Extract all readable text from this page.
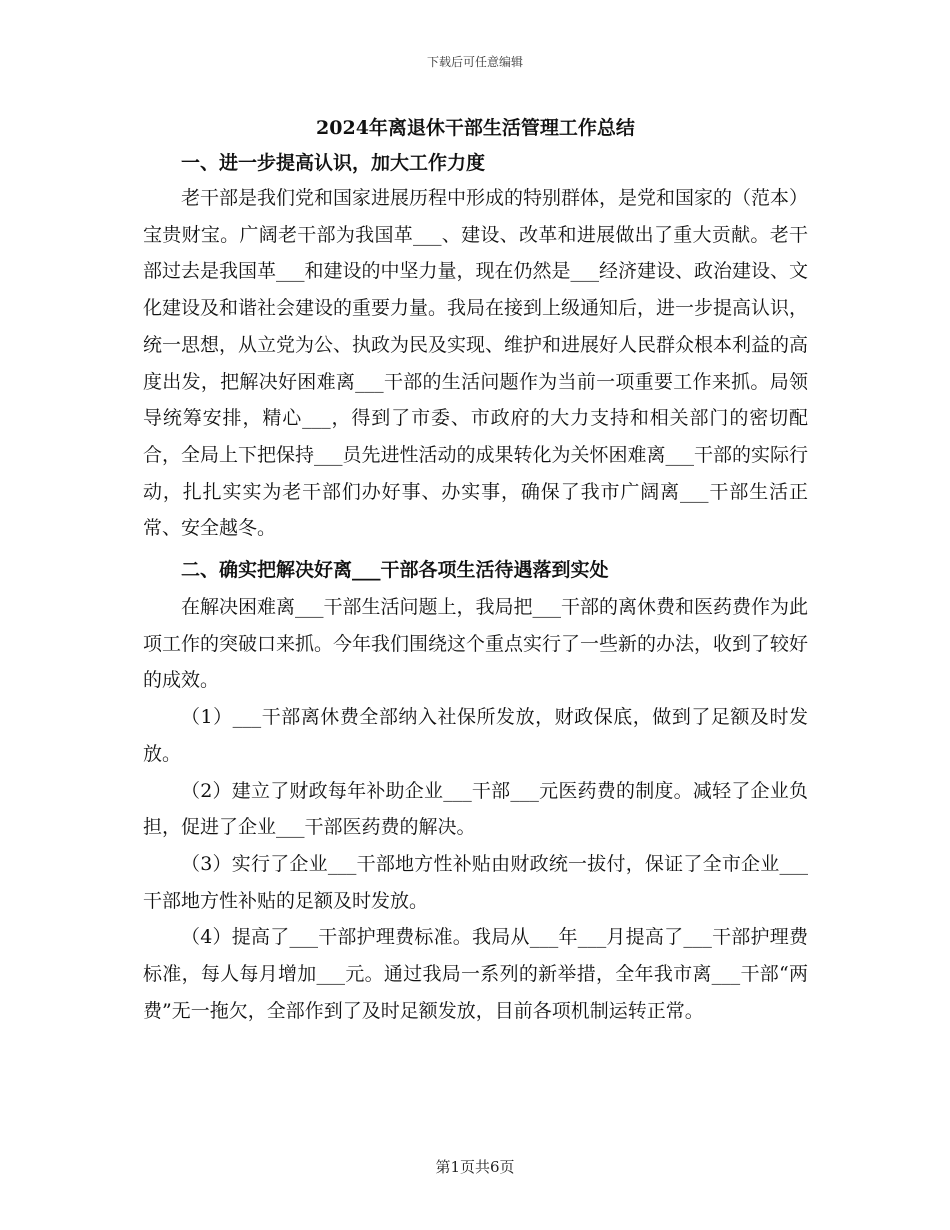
下载后可任意编辑
2024年离退休干部生活管理工作总结

一、进一步提高认识，加大工作力度

老干部是我们党和国家进展历程中形成的特别群体，是党和国家的（范本）宝贵财宝。广阔老干部为我国革___、建设、改革和进展做出了重大贡献。老干部过去是我国革___和建设的中坚力量，现在仍然是___经济建设、政治建设、文化建设及和谐社会建设的重要力量。我局在接到上级通知后，进一步提高认识，统一思想，从立党为公、执政为民及实现、维护和进展好人民群众根本利益的高度出发，把解决好困难离___干部的生活问题作为当前一项重要工作来抓。局领导统筹安排，精心___，得到了市委、市政府的大力支持和相关部门的密切配合，全局上下把保持___员先进性活动的成果转化为关怀困难离___干部的实际行动，扎扎实实为老干部们办好事、办实事，确保了我市广阔离___干部生活正常、安全越冬。

二、确实把解决好离___干部各项生活待遇落到实处

在解决困难离___干部生活问题上，我局把___干部的离休费和医药费作为此项工作的突破口来抓。今年我们围绕这个重点实行了一些新的办法，收到了较好的成效。

（1）___干部离休费全部纳入社保所发放，财政保底，做到了足额及时发放。

（2）建立了财政每年补助企业___干部___元医药费的制度。减轻了企业负担，促进了企业___干部医药费的解决。

（3）实行了企业___干部地方性补贴由财政统一拔付，保证了全市企业___干部地方性补贴的足额及时发放。

（4）提高了___干部护理费标准。我局从___年___月提高了___干部护理费标准，每人每月增加___元。通过我局一系列的新举措，全年我市离___干部“两费”无一拖欠，全部作到了及时足额发放，目前各项机制运转正常。

第1页共6页
